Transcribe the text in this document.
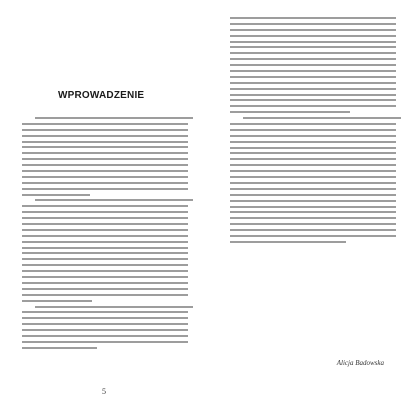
WPROWADZENIE
5
Alicja Badowska
